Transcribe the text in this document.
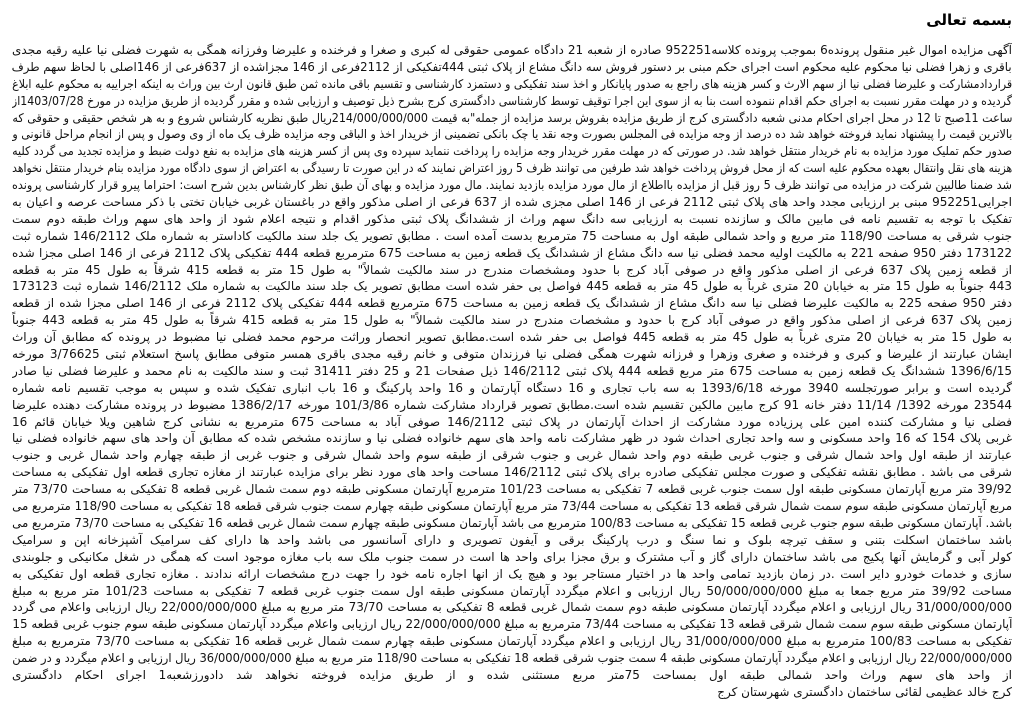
بسمه تعالی
آگهی مزایده اموال غیر منقول پرونده6 بموجب پرونده کلاسه952251 صادره از شعبه 21 دادگاه عمومی حقوقی له کبری و صغرا و فرخنده و علیرضا وفرزانه همگی به شهرت فضلی نیا علیه رقیه مجدی
باقری و زهرا فضلی نیا محکوم علیه محکوم است اجرای حکم مبنی بر دستور فروش سه دانگ مشاع از پلاک ثبتی 444تفکیکی از 2112فرعی از 146 مجزاشده از 637فرعی از 146اصلی با لحاظ سهم طرف
قراردادمشارکت و علیرضا فضلی نیا از سهم الارث و کسر هزینه های راجع به صدور پایانکار و اخذ سند تفکیکی و دستمزد کارشناسی و تقسیم باقی مانده ثمن طبق قانون ارث بین وراث به اینکه اجراییه به محکوم علیه ابلاغ
گردیده و در مهلت مقرر نسبت به اجرای حکم اقدام ننموده است بنا به از سوی این اجرا توقیف توسط کارشناسی دادگستری کرج بشرح ذیل توصیف و ارزیابی شده و مقرر گردیده از طریق مزایده در مورخ 1403/07/28از
ساعت 11صبح تا 12 در محل اجرای احکام مدنی شعبه دادگستری کرج از طریق مزایده بفروش برسد مزایده از جمله"به قیمت 214/000/000/000ریال طبق نظریه کارشناس شروع و به هر شخص حقیقی و حقوقی که
بالاترین قیمت را پیشنهاد نماید فروخته خواهد شد ده درصد از وجه مزایده فی المجلس بصورت وجه نقد یا چک بانکی تضمینی از خریدار اخذ و الباقی وجه مزایده ظرف یک ماه از وی وصول و پس از انجام مراحل قانونی و
صدور حکم تملیک مورد مزایده به نام خریدار منتقل خواهد شد. در صورتی که در مهلت مقرر خریدار وجه مزایده را پرداخت ننماید سپرده وی پس از کسر هزینه های مزایده به نفع دولت ضبط و مزایده تجدید می گردد کلیه
هزینه های نقل وانتقال بعهده محکوم علیه است که از محل فروش پرداخت خواهد شد طرفین می توانند ظرف 5 روز اعتراض نمایند که در این صورت تا رسیدگی به اعتراض از سوی دادگاه مورد مزایده بنام خریدار منتقل نخواهد
شد ضمنا طالبین شرکت در مزایده می توانند ظرف 5 روز قبل از مزایده بااطلاع از مال مورد مزایده بازدید نمایند. مال مورد مزایده و بهای آن طبق نظر کارشناس بدین شرح است: احتراما پیرو قرار کارشناسی پرونده
اجرایی952251 مبنی بر ارزیابی مجدد واحد های پلاک ثبتی 2112 فرعی از 146 اصلی مجزی شده از 637 فرعی از اصلی مذکور واقع در باغستان غربی خیابان تختی با ذکر مساحت عرصه و اعیان به
تفکیک با توجه به تقسیم نامه فی مابین مالک و سازنده نسبت به ارزیابی سه دانگ سهم وراث از ششدانگ پلاک ثبتی مذکور اقدام و نتیجه اعلام شود از واحد های سهم وراث طبقه دوم سمت
جنوب شرقی به مساحت 118/90 متر مربع و واحد شمالی طبقه اول به مساحت 75 مترمربع بدست آمده است . مطابق تصویر یک جلد سند مالکیت کاداستر به شماره ملک 146/2112 شماره ثبت
173122 دفتر 950 صفحه 221 به مالکیت اولیه محمد فضلی نیا سه دانگ مشاع از ششدانگ یک قطعه زمین به مساحت 675 مترمربع قطعه 444 تفکیکی پلاک 2112 فرعی از 146 اصلی مجزا شده
از قطعه زمین پلاک 637 فرعی از اصلی مذکور واقع در صوفی آباد کرج با حدود ومشخصات مندرج در سند مالکیت شمالاً" به طول 15 متر به قطعه 415 شرقاً به طول 45 متر به قطعه
443 جنوباً به طول 15 متر به خیابان 20 متری غرباً به طول 45 متر به قطعه 445 فواصل بی حفر شده است مطابق تصویر یک جلد سند مالکیت به شماره ملک 146/2112 شماره ثبت 173123
دفتر 950 صفحه 225 به مالکیت علیرضا فضلی نیا سه دانگ مشاع از ششدانگ یک قطعه زمین به مساحت 675 مترمربع قطعه 444 تفکیکی پلاک 2112 فرعی از 146 اصلی مجزا شده از قطعه
زمین پلاک 637 فرعی از اصلی مذکور واقع در صوفی آباد کرج با حدود و مشخصات مندرج در سند مالکیت شمالاً" به طول 15 متر به قطعه 415 شرقاً به طول 45 متر به قطعه 443 جنوباً
به طول 15 متر به خیابان 20 متری غرباً به طول 45 متر به قطعه 445 فواصل بی حفر شده است.مطابق تصویر انحصار وراثت مرحوم محمد فضلی نیا مضبوط در پرونده که مطابق آن وراث
ایشان عبارتند از علیرضا و کبری و فرخنده و صغری وزهرا و فرزانه شهرت همگی فضلی نیا فرزندان متوفی و خانم رقیه مجدی باقری همسر متوفی مطابق پاسخ استعلام ثبتی 3/76625 مورخه
1396/6/15 ششدانگ یک قطعه زمین به مساحت 675 متر مربع قطعه 444 پلاک ثبتی 146/2112 ذیل صفحات 21 و 25 دفتر 31411 ثبت و سند مالکیت به نام محمد و علیرضا فضلی نیا صادر
گردیده است و برابر صورتجلسه 3940 مورخه 1393/6/18 به سه باب تجاری و 16 دستگاه آپارتمان و 16 واحد پارکینگ و 16 باب انباری تفکیک شده و سپس به موجب تقسیم نامه شماره
23544 مورخه 1392/ 11/14 دفتر خانه 91 کرج مابین مالکین تقسیم شده است.مطابق تصویر قرارداد مشارکت شماره 101/3/86 مورخه 1386/2/17 مضبوط در پرونده مشارکت دهنده علیرضا
فضلی نیا و مشارکت کننده امین علی پرزیاده مورد مشارکت از احداث آپارتمان در پلاک ثبتی 146/2112 صوفی آباد به مساحت 675 مترمربع به نشانی کرج شاهین ویلا خیابان قائم 16
غربی پلاک 154 که 16 واحد مسکونی و سه واحد تجاری احداث شود در ظهر مشارکت نامه واحد های سهم خانواده فضلی نیا و سازنده مشخص شده که مطابق آن واحد های سهم خانواده فضلی نیا
عبارتند از طبقه اول واحد شمال شرقی و جنوب غربی طبقه دوم واحد شمال غربی و جنوب شرقی از طبقه سوم واحد شمال شرقی و جنوب غربی از طبقه چهارم واحد شمال غربی و جنوب
شرقی می باشد . مطابق نقشه تفکیکی و صورت مجلس تفکیکی صادره برای پلاک ثبتی 146/2112 مساحت واحد های مورد نظر برای مزایده عبارتند از مغازه تجاری قطعه اول تفکیکی به مساحت
39/92 متر مربع آپارتمان مسکونی طبقه اول سمت جنوب غربی قطعه 7 تفکیکی به مساحت 101/23 مترمربع آپارتمان مسکونی طبقه دوم سمت شمال غربی قطعه 8 تفکیکی به مساحت 73/70 متر
مربع آپارتمان مسکونی طبقه سوم سمت شمال شرقی قطعه 13 تفکیکی به مساحت 73/44 متر مربع آپارتمان مسکونی طبقه چهارم سمت جنوب شرقی قطعه 18 تفکیکی به مساحت 118/90 مترمربع می
باشد. آپارتمان مسکونی طبقه سوم جنوب غربی قطعه 15 تفکیکی به مساحت 100/83 مترمربع می باشد آپارتمان مسکونی طبقه چهارم سمت شمال غربی قطعه 16 تفکیکی به مساحت 73/70 مترمربع می
باشد ساختمان اسکلت بتنی و سقف تیرچه بلوک و نما سنگ و درب پارکینگ برقی و آیفون تصویری و دارای آسانسور می باشد واحد ها دارای کف سرامیک آشپزخانه اپن و سرامیک
کولر آبی و گرمایش آنها پکیج می باشد ساختمان دارای گاز و آب مشترک و برق مجزا برای واحد ها است در سمت جنوب ملک سه باب مغازه موجود است که همگی در شغل مکانیکی و جلوبندی
سازی و خدمات خودرو دایر است .در زمان بازدید تمامی واحد ها در اختیار مستاجر بود و هیچ یک از انها اجاره نامه خود را جهت درج مشخصات ارائه ندادند . مغازه تجاری قطعه اول تفکیکی به
مساحت 39/92 متر مربع جمعا به مبلغ 50/000/000/000 ریال ارزیابی و اعلام میگردد آپارتمان مسکونی طبقه اول سمت جنوب غربی قطعه 7 تفکیکی به مساحت 101/23 متر مربع به مبلغ
31/000/000/000 ریال ارزیابی و اعلام میگردد آپارتمان مسکونی طبقه دوم سمت شمال غربی قطعه 8 تفکیکی به مساحت 73/70 متر مربع به مبلغ 22/000/000/000 ریال ارزیابی واعلام می گردد
آپارتمان مسکونی طبقه سوم سمت شمال شرقی قطعه 13 تفکیکی به مساحت 73/44 مترمربع به مبلغ 22/000/000/000 ریال ارزیابی واعلام میگردد آپارتمان مسکونی طبقه سوم جنوب غربی قطعه 15
تفکیکی به مساحت 100/83 مترمربع به مبلغ 31/000/000/000 ریال ارزیابی و اعلام میگردد آپارتمان مسکونی طبقه چهارم سمت شمال غربی قطعه 16 تفکیکی به مساحت 73/70 مترمربع به مبلغ
22/000/000/000 ریال ارزیابی و اعلام میگردد آپارتمان مسکونی طبقه 4 سمت جنوب شرقی قطعه 18 تفکیکی به مساحت 118/90 متر مربع به مبلغ 36/000/000/000 ریال ارزیابی و اعلام میگردد و در ضمن
از واحد های سهم وراث واحد شمالی طبقه اول بمساحت 75متر مربع مستثنی شده و از طریق مزایده فروخته نخواهد شد دادورزشعبه1 اجرای احکام دادگستری
کرج خالد عظیمی لقائی ساختمان دادگستری شهرستان کرج
